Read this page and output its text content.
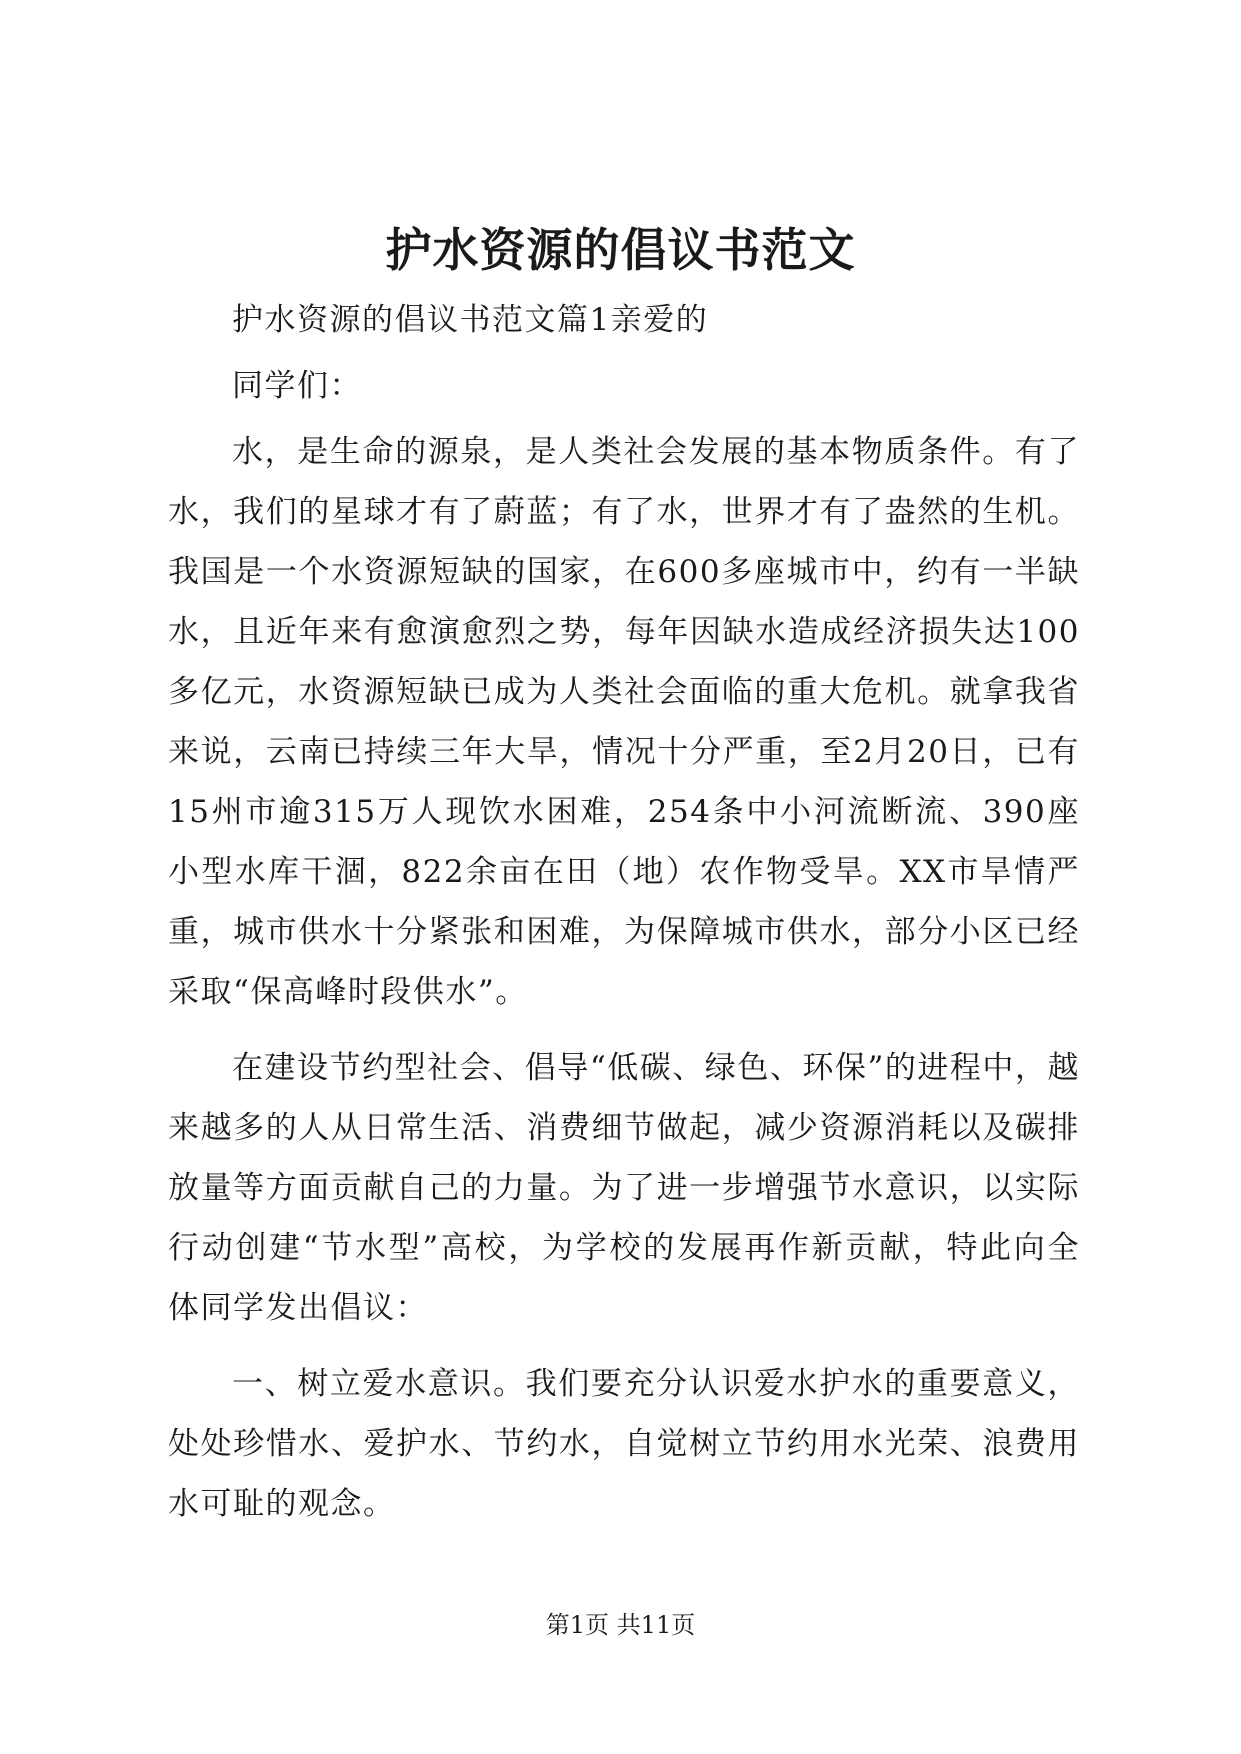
护水资源的倡议书范文

护水资源的倡议书范文篇1亲爱的

同学们：

水，是生命的源泉，是人类社会发展的基本物质条件。有了水，我们的星球才有了蔚蓝；有了水，世界才有了盎然的生机。我国是一个水资源短缺的国家，在600多座城市中，约有一半缺水，且近年来有愈演愈烈之势，每年因缺水造成经济损失达100多亿元，水资源短缺已成为人类社会面临的重大危机。就拿我省来说，云南已持续三年大旱，情况十分严重，至2月20日，已有15州市逾315万人现饮水困难，254条中小河流断流、390座小型水库干涸，822余亩在田（地）农作物受旱。XX市旱情严重，城市供水十分紧张和困难，为保障城市供水，部分小区已经采取“保高峰时段供水”。

在建设节约型社会、倡导“低碳、绿色、环保”的进程中，越来越多的人从日常生活、消费细节做起，减少资源消耗以及碳排放量等方面贡献自己的力量。为了进一步增强节水意识，以实际行动创建“节水型”高校，为学校的发展再作新贡献，特此向全体同学发出倡议：

一、树立爱水意识。我们要充分认识爱水护水的重要意义，处处珍惜水、爱护水、节约水，自觉树立节约用水光荣、浪费用水可耻的观念。

第1页 共11页
